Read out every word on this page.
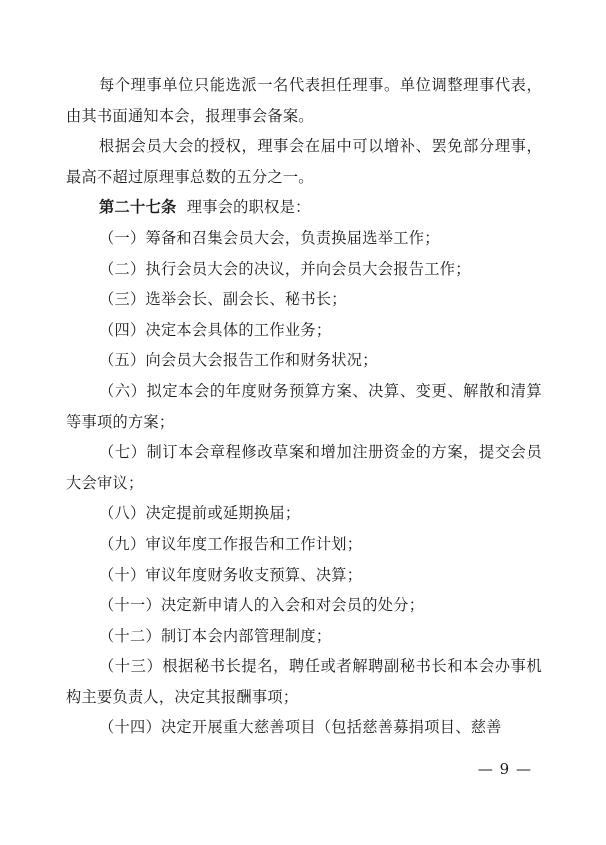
每个理事单位只能选派一名代表担任理事。单位调整理事代表，由其书面通知本会，报理事会备案。

根据会员大会的授权，理事会在届中可以增补、罢免部分理事，最高不超过原理事总数的五分之一。

第二十七条 理事会的职权是：

（一）筹备和召集会员大会，负责换届选举工作；

（二）执行会员大会的决议，并向会员大会报告工作；

（三）选举会长、副会长、秘书长；

（四）决定本会具体的工作业务；

（五）向会员大会报告工作和财务状况；

（六）拟定本会的年度财务预算方案、决算、变更、解散和清算等事项的方案；

（七）制订本会章程修改草案和增加注册资金的方案，提交会员大会审议；

（八）决定提前或延期换届；

（九）审议年度工作报告和工作计划；

（十）审议年度财务收支预算、决算；

（十一）决定新申请人的入会和对会员的处分；

（十二）制订本会内部管理制度；

（十三）根据秘书长提名，聘任或者解聘副秘书长和本会办事机构主要负责人，决定其报酬事项；

（十四）决定开展重大慈善项目（包括慈善募捐项目、慈善

— 9 —
